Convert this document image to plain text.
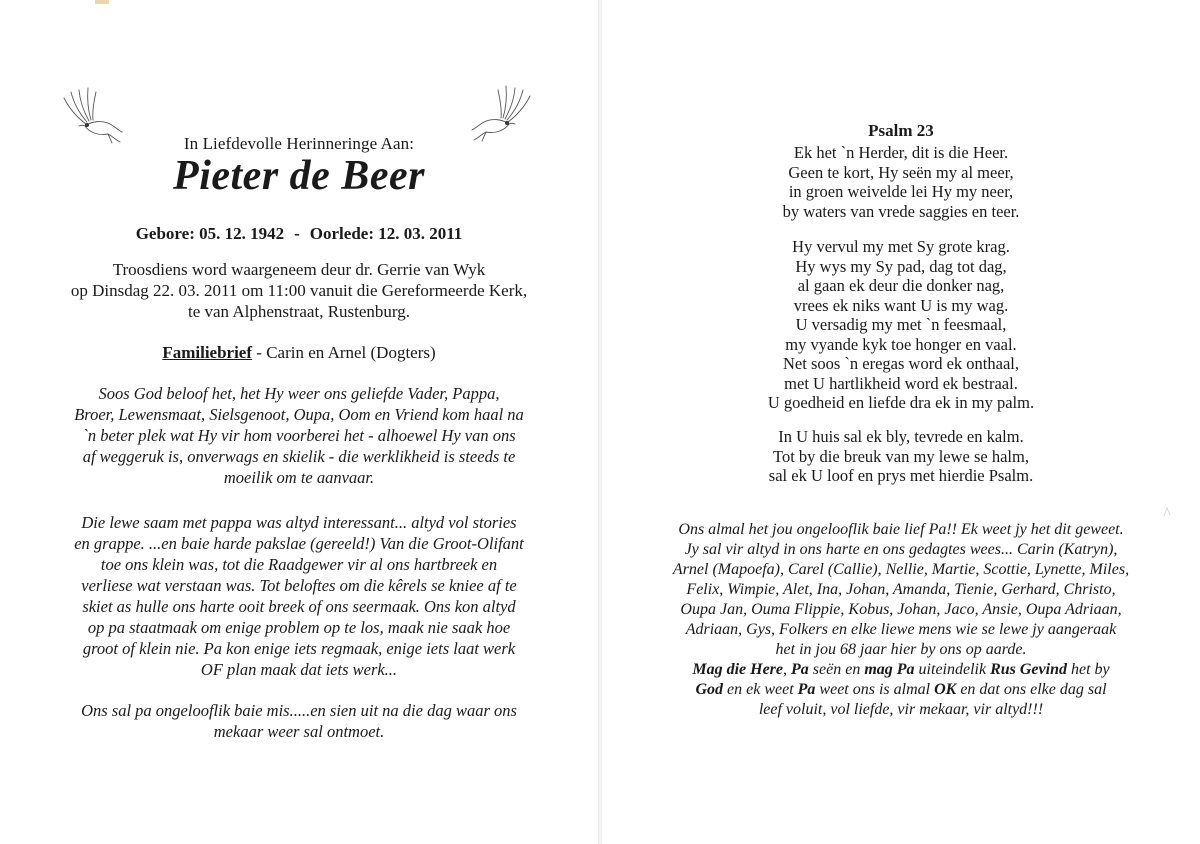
In Liefdevolle Herinneringe Aan:
Pieter de Beer
Gebore: 05. 12. 1942 - Oorlede: 12. 03. 2011
Troosdiens word waargeneem deur dr. Gerrie van Wyk
op Dinsdag 22. 03. 2011 om 11:00 vanuit die Gereformeerde Kerk,
te van Alphenstraat, Rustenburg.
Familiebrief - Carin en Arnel (Dogters)
Soos God beloof het, het Hy weer ons geliefde Vader, Pappa,
Broer, Lewensmaat, Sielsgenoot, Oupa, Oom en Vriend kom haal na
`n beter plek wat Hy vir hom voorberei het - alhoewel Hy van ons
af weggeruk is, onverwags en skielik - die werklikheid is steeds te
moeilik om te aanvaar.
Die lewe saam met pappa was altyd interessant... altyd vol stories
en grappe. ...en baie harde pakslae (gereeld!) Van die Groot-Olifant
toe ons klein was, tot die Raadgewer vir al ons hartbreek en
verliese wat verstaan was. Tot beloftes om die kêrels se kniee af te
skiet as hulle ons harte ooit breek of ons seermaak. Ons kon altyd
op pa staatmaak om enige problem op te los, maak nie saak hoe
groot of klein nie. Pa kon enige iets regmaak, enige iets laat werk
OF plan maak dat iets werk...
Ons sal pa ongelooflik baie mis.....en sien uit na die dag waar ons
mekaar weer sal ontmoet.
Psalm 23
Ek het `n Herder, dit is die Heer.
Geen te kort, Hy seën my al meer,
in groen weivelde lei Hy my neer,
by waters van vrede saggies en teer.
Hy vervul my met Sy grote krag.
Hy wys my Sy pad, dag tot dag,
al gaan ek deur die donker nag,
vrees ek niks want U is my wag.
U versadig my met `n feesmaal,
my vyande kyk toe honger en vaal.
Net soos `n eregas word ek onthaal,
met U hartlikheid word ek bestraal.
U goedheid en liefde dra ek in my palm.
In U huis sal ek bly, tevrede en kalm.
Tot by die breuk van my lewe se halm,
sal ek U loof en prys met hierdie Psalm.
Ons almal het jou ongelooflik baie lief Pa!! Ek weet jy het dit geweet.
Jy sal vir altyd in ons harte en ons gedagtes wees... Carin (Katryn),
Arnel (Mapoefa), Carel (Callie), Nellie, Martie, Scottie, Lynette, Miles,
Felix, Wimpie, Alet, Ina, Johan, Amanda, Tienie, Gerhard, Christo,
Oupa Jan, Ouma Flippie, Kobus, Johan, Jaco, Ansie, Oupa Adriaan,
Adriaan, Gys, Folkers en elke liewe mens wie se lewe jy aangeraak
het in jou 68 jaar hier by ons op aarde.
Mag die Here, Pa seën en mag Pa uiteindelik Rus Gevind het by
God en ek weet Pa weet ons is almal OK en dat ons elke dag sal
leef voluit, vol liefde, vir mekaar, vir altyd!!!
